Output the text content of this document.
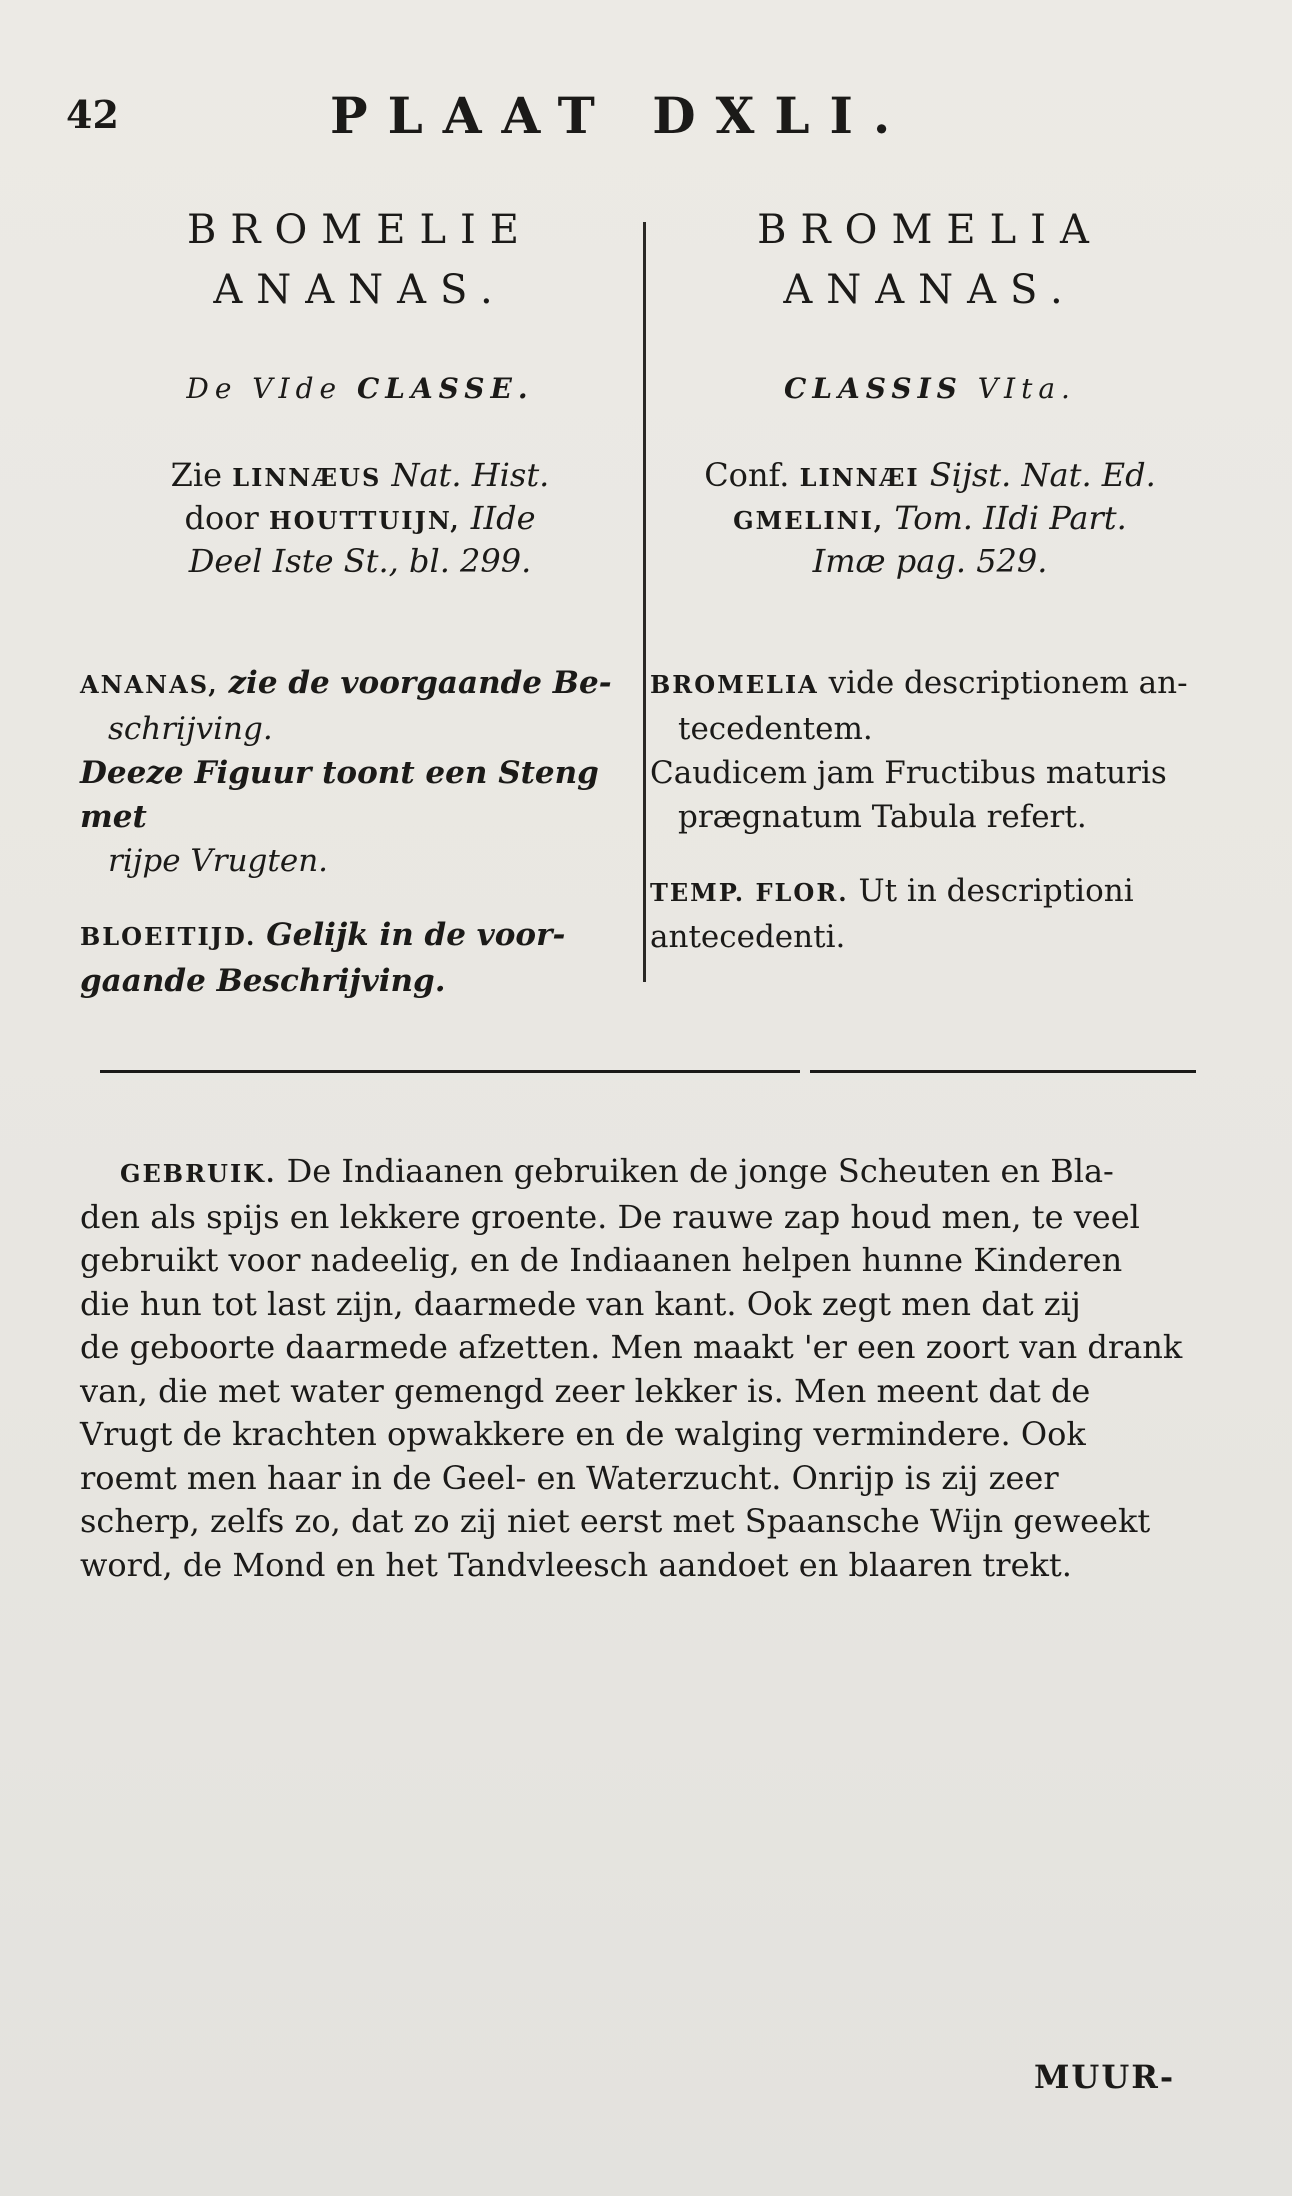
42	PLAAT DXLI.
BROMELIE
ANANAS.
De VIde CLASSE.
Zie LINNÆUS Nat. Hist.
door HOUTTUIJN, IIde
Deel Iste St., bl. 299.
ANANAS, zie de voorgaande Be-
schrijving.
Deeze Figuur toont een Steng met
rijpe Vrugten.
BLOEITIJD. Gelijk in de voor-
gaande Beschrijving.
BROMELIA
ANANAS.
CLASSIS VIta.
Conf. LINNÆI Sijst. Nat. Ed.
GMELINI, Tom. IIdi Part.
Imæ pag. 529.
BROMELIA vide descriptionem an-
tecedentem.
Caudicem jam Fructibus maturis
prægnatum Tabula refert.
TEMP. FLOR. Ut in descriptioni
antecedenti.
GEBRUIK. De Indiaanen gebruiken de jonge Scheuten en Bla-
den als spijs en lekkere groente. De rauwe zap houd men, te veel
gebruikt voor nadeelig, en de Indiaanen helpen hunne Kinderen
die hun tot last zijn, daarmede van kant. Ook zegt men dat zij
de geboorte daarmede afzetten. Men maakt 'er een zoort van drank
van, die met water gemengd zeer lekker is. Men meent dat de
Vrugt de krachten opwakkere en de walging vermindere. Ook
roemt men haar in de Geel- en Waterzucht. Onrijp is zij zeer
scherp, zelfs zo, dat zo zij niet eerst met Spaansche Wijn geweekt
word, de Mond en het Tandvleesch aandoet en blaaren trekt.
MUUR-
